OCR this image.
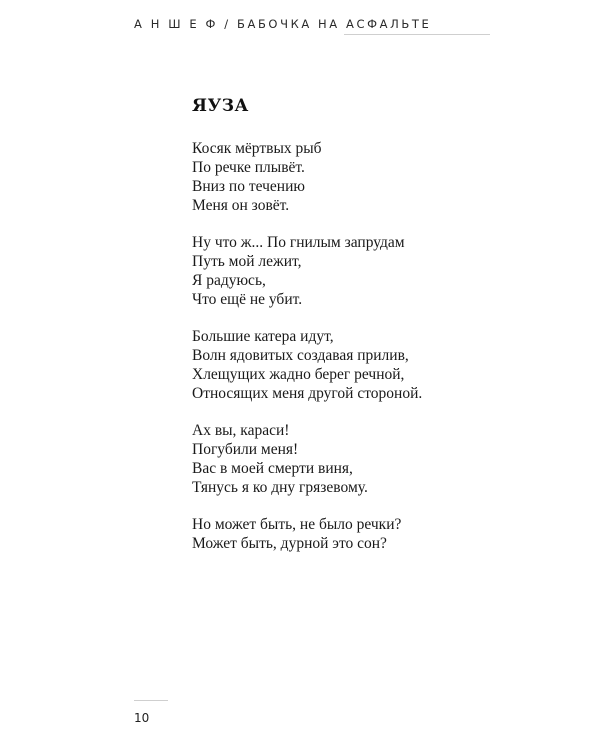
А Н Ш Е Ф / БАБОЧКА НА АСФАЛЬТЕ
ЯУЗА
Косяк мёртвых рыб
По речке плывёт.
Вниз по течению
Меня он зовёт.
Ну что ж... По гнилым запрудам
Путь мой лежит,
Я радуюсь,
Что ещё не убит.
Большие катера идут,
Волн ядовитых создавая прилив,
Хлещущих жадно берег речной,
Относящих меня другой стороной.
Ах вы, караси!
Погубили меня!
Вас в моей смерти виня,
Тянусь я ко дну грязевому.
Но может быть, не было речки?
Может быть, дурной это сон?
10
